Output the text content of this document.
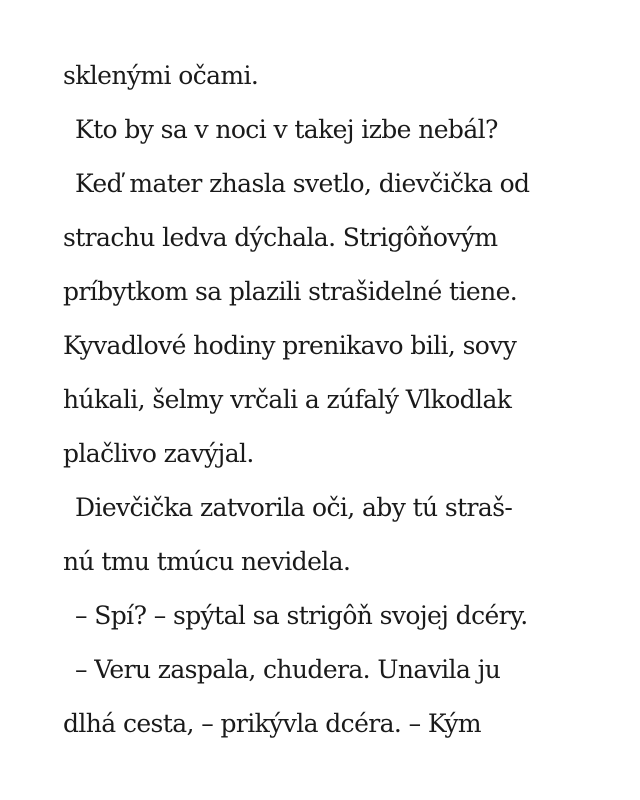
sklenými očami.
Kto by sa v noci v takej izbe nebál?
Keď mater zhasla svetlo, dievčička od
strachu ledva dýchala. Strigôňovým
príbytkom sa plazili strašidelné tiene.
Kyvadlové hodiny prenikavo bili, sovy
húkali, šelmy vrčali a zúfalý Vlkodlak
plačlivo zavýjal.
Dievčička zatvorila oči, aby tú straš-
nú tmu tmúcu nevidela.
– Spí? – spýtal sa strigôň svojej dcéry.
– Veru zaspala, chudera. Unavila ju
dlhá cesta, – prikývla dcéra. – Kým
